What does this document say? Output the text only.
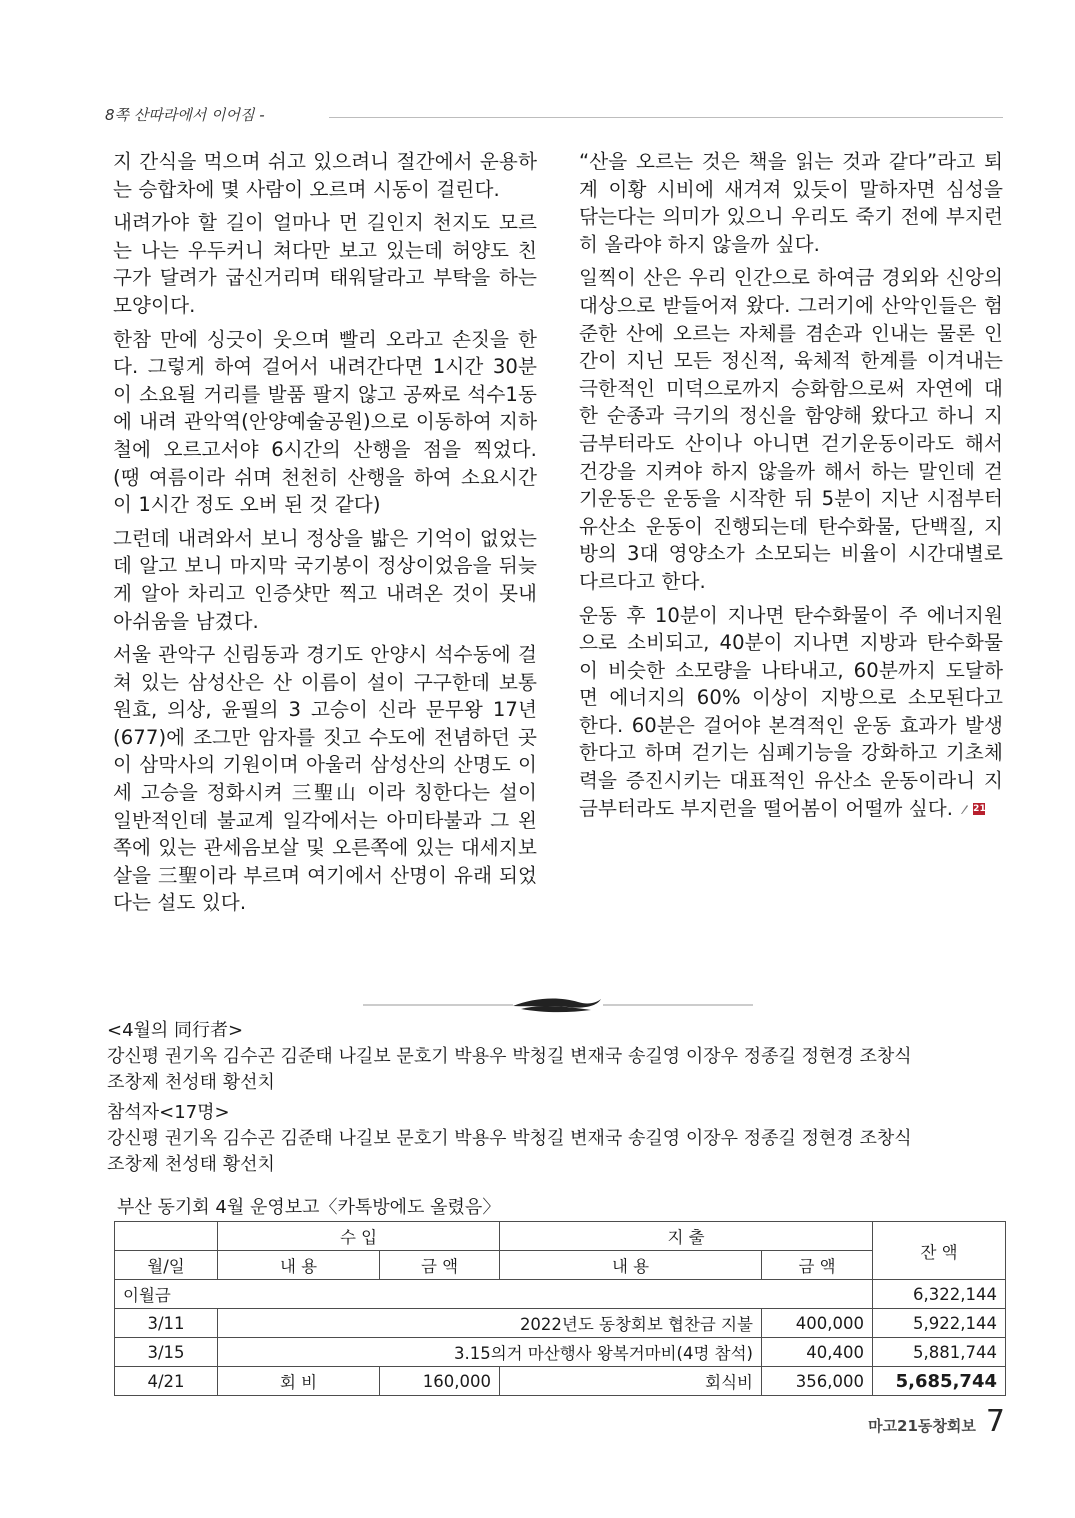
8쪽 산따라에서 이어짐 -

지 간식을 먹으며 쉬고 있으려니 절간에서 운용하는 승합차에 몇 사람이 오르며 시동이 걸린다.

내려가야 할 길이 얼마나 먼 길인지 천지도 모르는 나는 우두커니 쳐다만 보고 있는데 허양도 친구가 달려가 굽신거리며 태워달라고 부탁을 하는 모양이다.

한참 만에 싱긋이 웃으며 빨리 오라고 손짓을 한다. 그렇게 하여 걸어서 내려간다면 1시간 30분이 소요될 거리를 발품 팔지 않고 공짜로 석수1동에 내려 관악역(안양예술공원)으로 이동하여 지하철에 오르고서야 6시간의 산행을 점을 찍었다. (땡 여름이라 쉬며 천천히 산행을 하여 소요시간이 1시간 정도 오버 된 것 같다)

그런데 내려와서 보니 정상을 밟은 기억이 없었는데 알고 보니 마지막 국기봉이 정상이었음을 뒤늦게 알아 차리고 인증샷만 찍고 내려온 것이 못내 아쉬움을 남겼다.

서울 관악구 신림동과 경기도 안양시 석수동에 걸쳐 있는 삼성산은 산 이름이 설이 구구한데 보통 원효, 의상, 윤필의 3 고승이 신라 문무왕 17년(677)에 조그만 암자를 짓고 수도에 전념하던 곳이 삼막사의 기원이며 아울러 삼성산의 산명도 이 세 고승을 정화시켜 三聖山 이라 칭한다는 설이 일반적인데 불교계 일각에서는 아미타불과 그 왼쪽에 있는 관세음보살 및 오른쪽에 있는 대세지보살을 三聖이라 부르며 여기에서 산명이 유래 되었다는 설도 있다.

“산을 오르는 것은 책을 읽는 것과 같다”라고 퇴계 이황 시비에 새겨져 있듯이 말하자면 심성을 닦는다는 의미가 있으니 우리도 죽기 전에 부지런히 올라야 하지 않을까 싶다.

일찍이 산은 우리 인간으로 하여금 경외와 신앙의 대상으로 받들어져 왔다. 그러기에 산악인들은 험준한 산에 오르는 자체를 겸손과 인내는 물론 인간이 지닌 모든 정신적, 육체적 한계를 이겨내는 극한적인 미덕으로까지 승화함으로써 자연에 대한 순종과 극기의 정신을 함양해 왔다고 하니 지금부터라도 산이나 아니면 걷기운동이라도 해서 건강을 지켜야 하지 않을까 해서 하는 말인데 걷기운동은 운동을 시작한 뒤 5분이 지난 시점부터 유산소 운동이 진행되는데 탄수화물, 단백질, 지방의 3대 영양소가 소모되는 비율이 시간대별로 다르다고 한다.

운동 후 10분이 지나면 탄수화물이 주 에너지원으로 소비되고, 40분이 지나면 지방과 탄수화물이 비슷한 소모량을 나타내고, 60분까지 도달하면 에너지의 60% 이상이 지방으로 소모된다고 한다. 60분은 걸어야 본격적인 운동 효과가 발생한다고 하며 걷기는 심폐기능을 강화하고 기초체력을 증진시키는 대표적인 유산소 운동이라니 지금부터라도 부지런을 떨어봄이 어떨까 싶다. 21

<4월의 同行者>
강신평 권기옥 김수곤 김준태 나길보 문호기 박용우 박청길 변재국 송길영 이장우 정종길 정현경 조창식
조창제 천성태 황선치
참석자<17명>
강신평 권기옥 김수곤 김준태 나길보 문호기 박용우 박청길 변재국 송길영 이장우 정종길 정현경 조창식
조창제 천성태 황선치
부산 동기회 4월 운영보고〈카톡방에도 올렸음〉
	수 입		지 출		잔 액
월/일	내 용	금 액	내 용	금 액	
이월금					6,322,144
3/11	2022년도 동창회보 협찬금 지불			400,000	5,922,144
3/15	3.15의거 마산행사 왕복거마비(4명 참석)			40,400	5,881,744
4/21	회 비	160,000	회식비	356,000	5,685,744
마고21동창회보 7
